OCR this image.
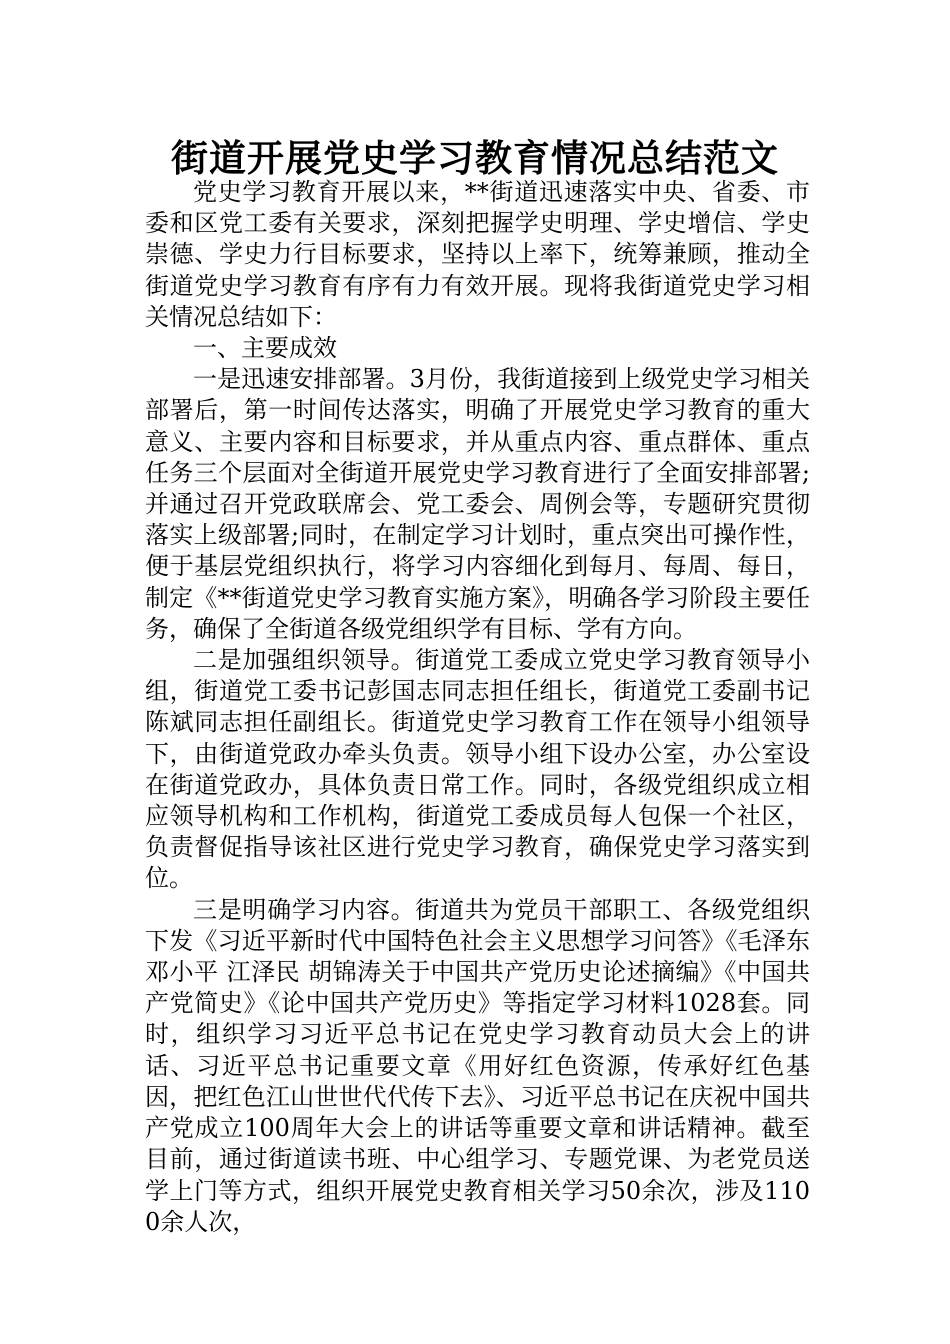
街道开展党史学习教育情况总结范文

党史学习教育开展以来，**街道迅速落实中央、省委、市委和区党工委有关要求，深刻把握学史明理、学史增信、学史崇德、学史力行目标要求，坚持以上率下，统筹兼顾，推动全街道党史学习教育有序有力有效开展。现将我街道党史学习相关情况总结如下：

一、主要成效

一是迅速安排部署。3月份，我街道接到上级党史学习相关部署后，第一时间传达落实，明确了开展党史学习教育的重大意义、主要内容和目标要求，并从重点内容、重点群体、重点任务三个层面对全街道开展党史学习教育进行了全面安排部署;并通过召开党政联席会、党工委会、周例会等，专题研究贯彻落实上级部署;同时，在制定学习计划时，重点突出可操作性，便于基层党组织执行，将学习内容细化到每月、每周、每日，制定《**街道党史学习教育实施方案》，明确各学习阶段主要任务，确保了全街道各级党组织学有目标、学有方向。

二是加强组织领导。街道党工委成立党史学习教育领导小组，街道党工委书记彭国志同志担任组长，街道党工委副书记陈斌同志担任副组长。街道党史学习教育工作在领导小组领导下，由街道党政办牵头负责。领导小组下设办公室，办公室设在街道党政办，具体负责日常工作。同时，各级党组织成立相应领导机构和工作机构，街道党工委成员每人包保一个社区，负责督促指导该社区进行党史学习教育，确保党史学习落实到位。

三是明确学习内容。街道共为党员干部职工、各级党组织下发《习近平新时代中国特色社会主义思想学习问答》《毛泽东 邓小平 江泽民 胡锦涛关于中国共产党历史论述摘编》《中国共产党简史》《论中国共产党历史》等指定学习材料1028套。同时，组织学习习近平总书记在党史学习教育动员大会上的讲话、习近平总书记重要文章《用好红色资源，传承好红色基因，把红色江山世世代代传下去》、习近平总书记在庆祝中国共产党成立100周年大会上的讲话等重要文章和讲话精神。截至目前，通过街道读书班、中心组学习、专题党课、为老党员送学上门等方式，组织开展党史教育相关学习50余次，涉及1100余人次，
